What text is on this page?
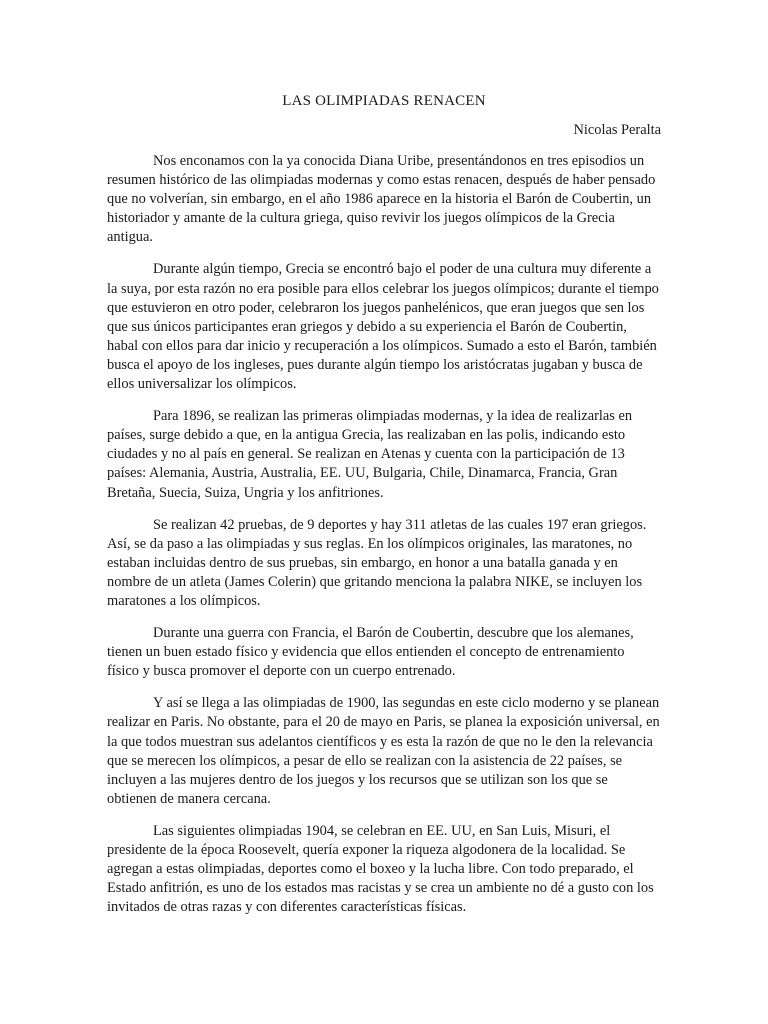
LAS OLIMPIADAS RENACEN
Nicolas Peralta

Nos enconamos con la ya conocida Diana Uribe, presentándonos en tres episodios un resumen histórico de las olimpiadas modernas y como estas renacen, después de haber pensado que no volverían, sin embargo, en el año 1986 aparece en la historia el Barón de Coubertin, un historiador y amante de la cultura griega, quiso revivir los juegos olímpicos de la Grecia antigua.

Durante algún tiempo, Grecia se encontró bajo el poder de una cultura muy diferente a la suya, por esta razón no era posible para ellos celebrar los juegos olímpicos; durante el tiempo que estuvieron en otro poder, celebraron los juegos panhelénicos, que eran juegos que sen los que sus únicos participantes eran griegos y debido a su experiencia el Barón de Coubertin, habal con ellos para dar inicio y recuperación a los olímpicos. Sumado a esto el Barón, también busca el apoyo de los ingleses, pues durante algún tiempo los aristócratas jugaban y busca de ellos universalizar los olímpicos.

Para 1896, se realizan las primeras olimpiadas modernas, y la idea de realizarlas en países, surge debido a que, en la antigua Grecia, las realizaban en las polis, indicando esto ciudades y no al país en general. Se realizan en Atenas y cuenta con la participación de 13 países: Alemania, Austria, Australia, EE. UU, Bulgaria, Chile, Dinamarca, Francia, Gran Bretaña, Suecia, Suiza, Ungria y los anfitriones.

Se realizan 42 pruebas, de 9 deportes y hay 311 atletas de las cuales 197 eran griegos. Así, se da paso a las olimpiadas y sus reglas. En los olímpicos originales, las maratones, no estaban incluidas dentro de sus pruebas, sin embargo, en honor a una batalla ganada y en nombre de un atleta (James Colerin) que gritando menciona la palabra NIKE, se incluyen los maratones a los olímpicos.

Durante una guerra con Francia, el Barón de Coubertin, descubre que los alemanes, tienen un buen estado físico y evidencia que ellos entienden el concepto de entrenamiento físico y busca promover el deporte con un cuerpo entrenado.

Y así se llega a las olimpiadas de 1900, las segundas en este ciclo moderno y se planean realizar en Paris. No obstante, para el 20 de mayo en Paris, se planea la exposición universal, en la que todos muestran sus adelantos científicos y es esta la razón de que no le den la relevancia que se merecen los olímpicos, a pesar de ello se realizan con la asistencia de 22 países, se incluyen a las mujeres dentro de los juegos y los recursos que se utilizan son los que se obtienen de manera cercana.

Las siguientes olimpiadas 1904, se celebran en EE. UU, en San Luis, Misuri, el presidente de la época Roosevelt, quería exponer la riqueza algodonera de la localidad. Se agregan a estas olimpiadas, deportes como el boxeo y la lucha libre. Con todo preparado, el Estado anfitrión, es uno de los estados mas racistas y se crea un ambiente no dé a gusto con los invitados de otras razas y con diferentes características físicas.
